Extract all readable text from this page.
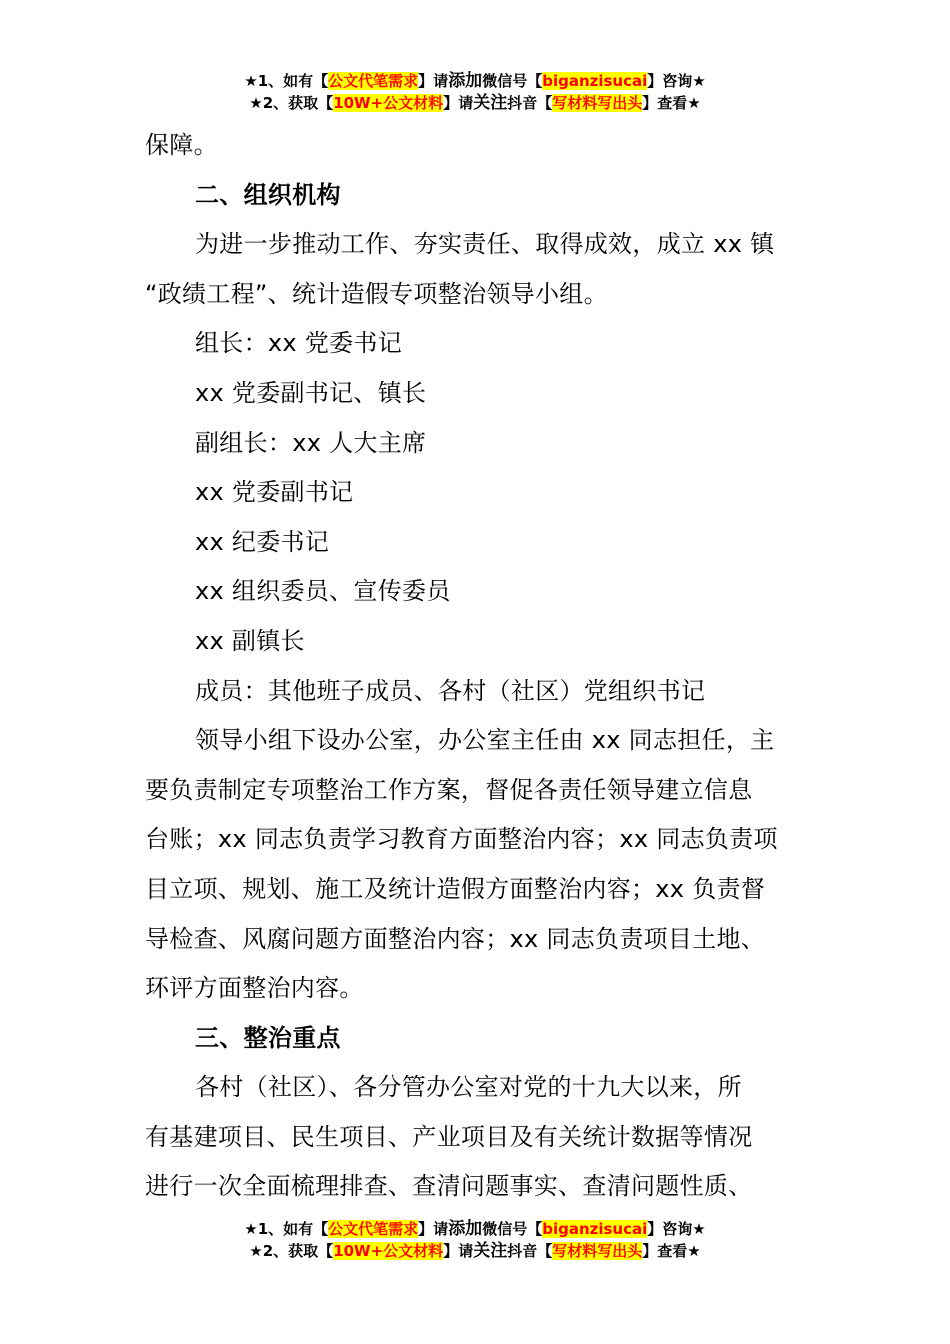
★1、如有【公文代笔需求】请添加微信号【biganzisucai】咨询★
★2、获取【10W+公文材料】请关注抖音【写材料写出头】查看★

保障。

二、组织机构

为进一步推动工作、夯实责任、取得成效，成立 xx 镇

“政绩工程”、统计造假专项整治领导小组。

组长：xx 党委书记

xx 党委副书记、镇长

副组长：xx 人大主席

xx 党委副书记

xx 纪委书记

xx 组织委员、宣传委员

xx 副镇长

成员：其他班子成员、各村（社区）党组织书记

领导小组下设办公室，办公室主任由 xx 同志担任，主

要负责制定专项整治工作方案，督促各责任领导建立信息

台账；xx 同志负责学习教育方面整治内容；xx 同志负责项

目立项、规划、施工及统计造假方面整治内容；xx 负责督

导检查、风腐问题方面整治内容；xx 同志负责项目土地、

环评方面整治内容。

三、整治重点

各村（社区）、各分管办公室对党的十九大以来，所

有基建项目、民生项目、产业项目及有关统计数据等情况

进行一次全面梳理排查、查清问题事实、查清问题性质、

★1、如有【公文代笔需求】请添加微信号【biganzisucai】咨询★
★2、获取【10W+公文材料】请关注抖音【写材料写出头】查看★
